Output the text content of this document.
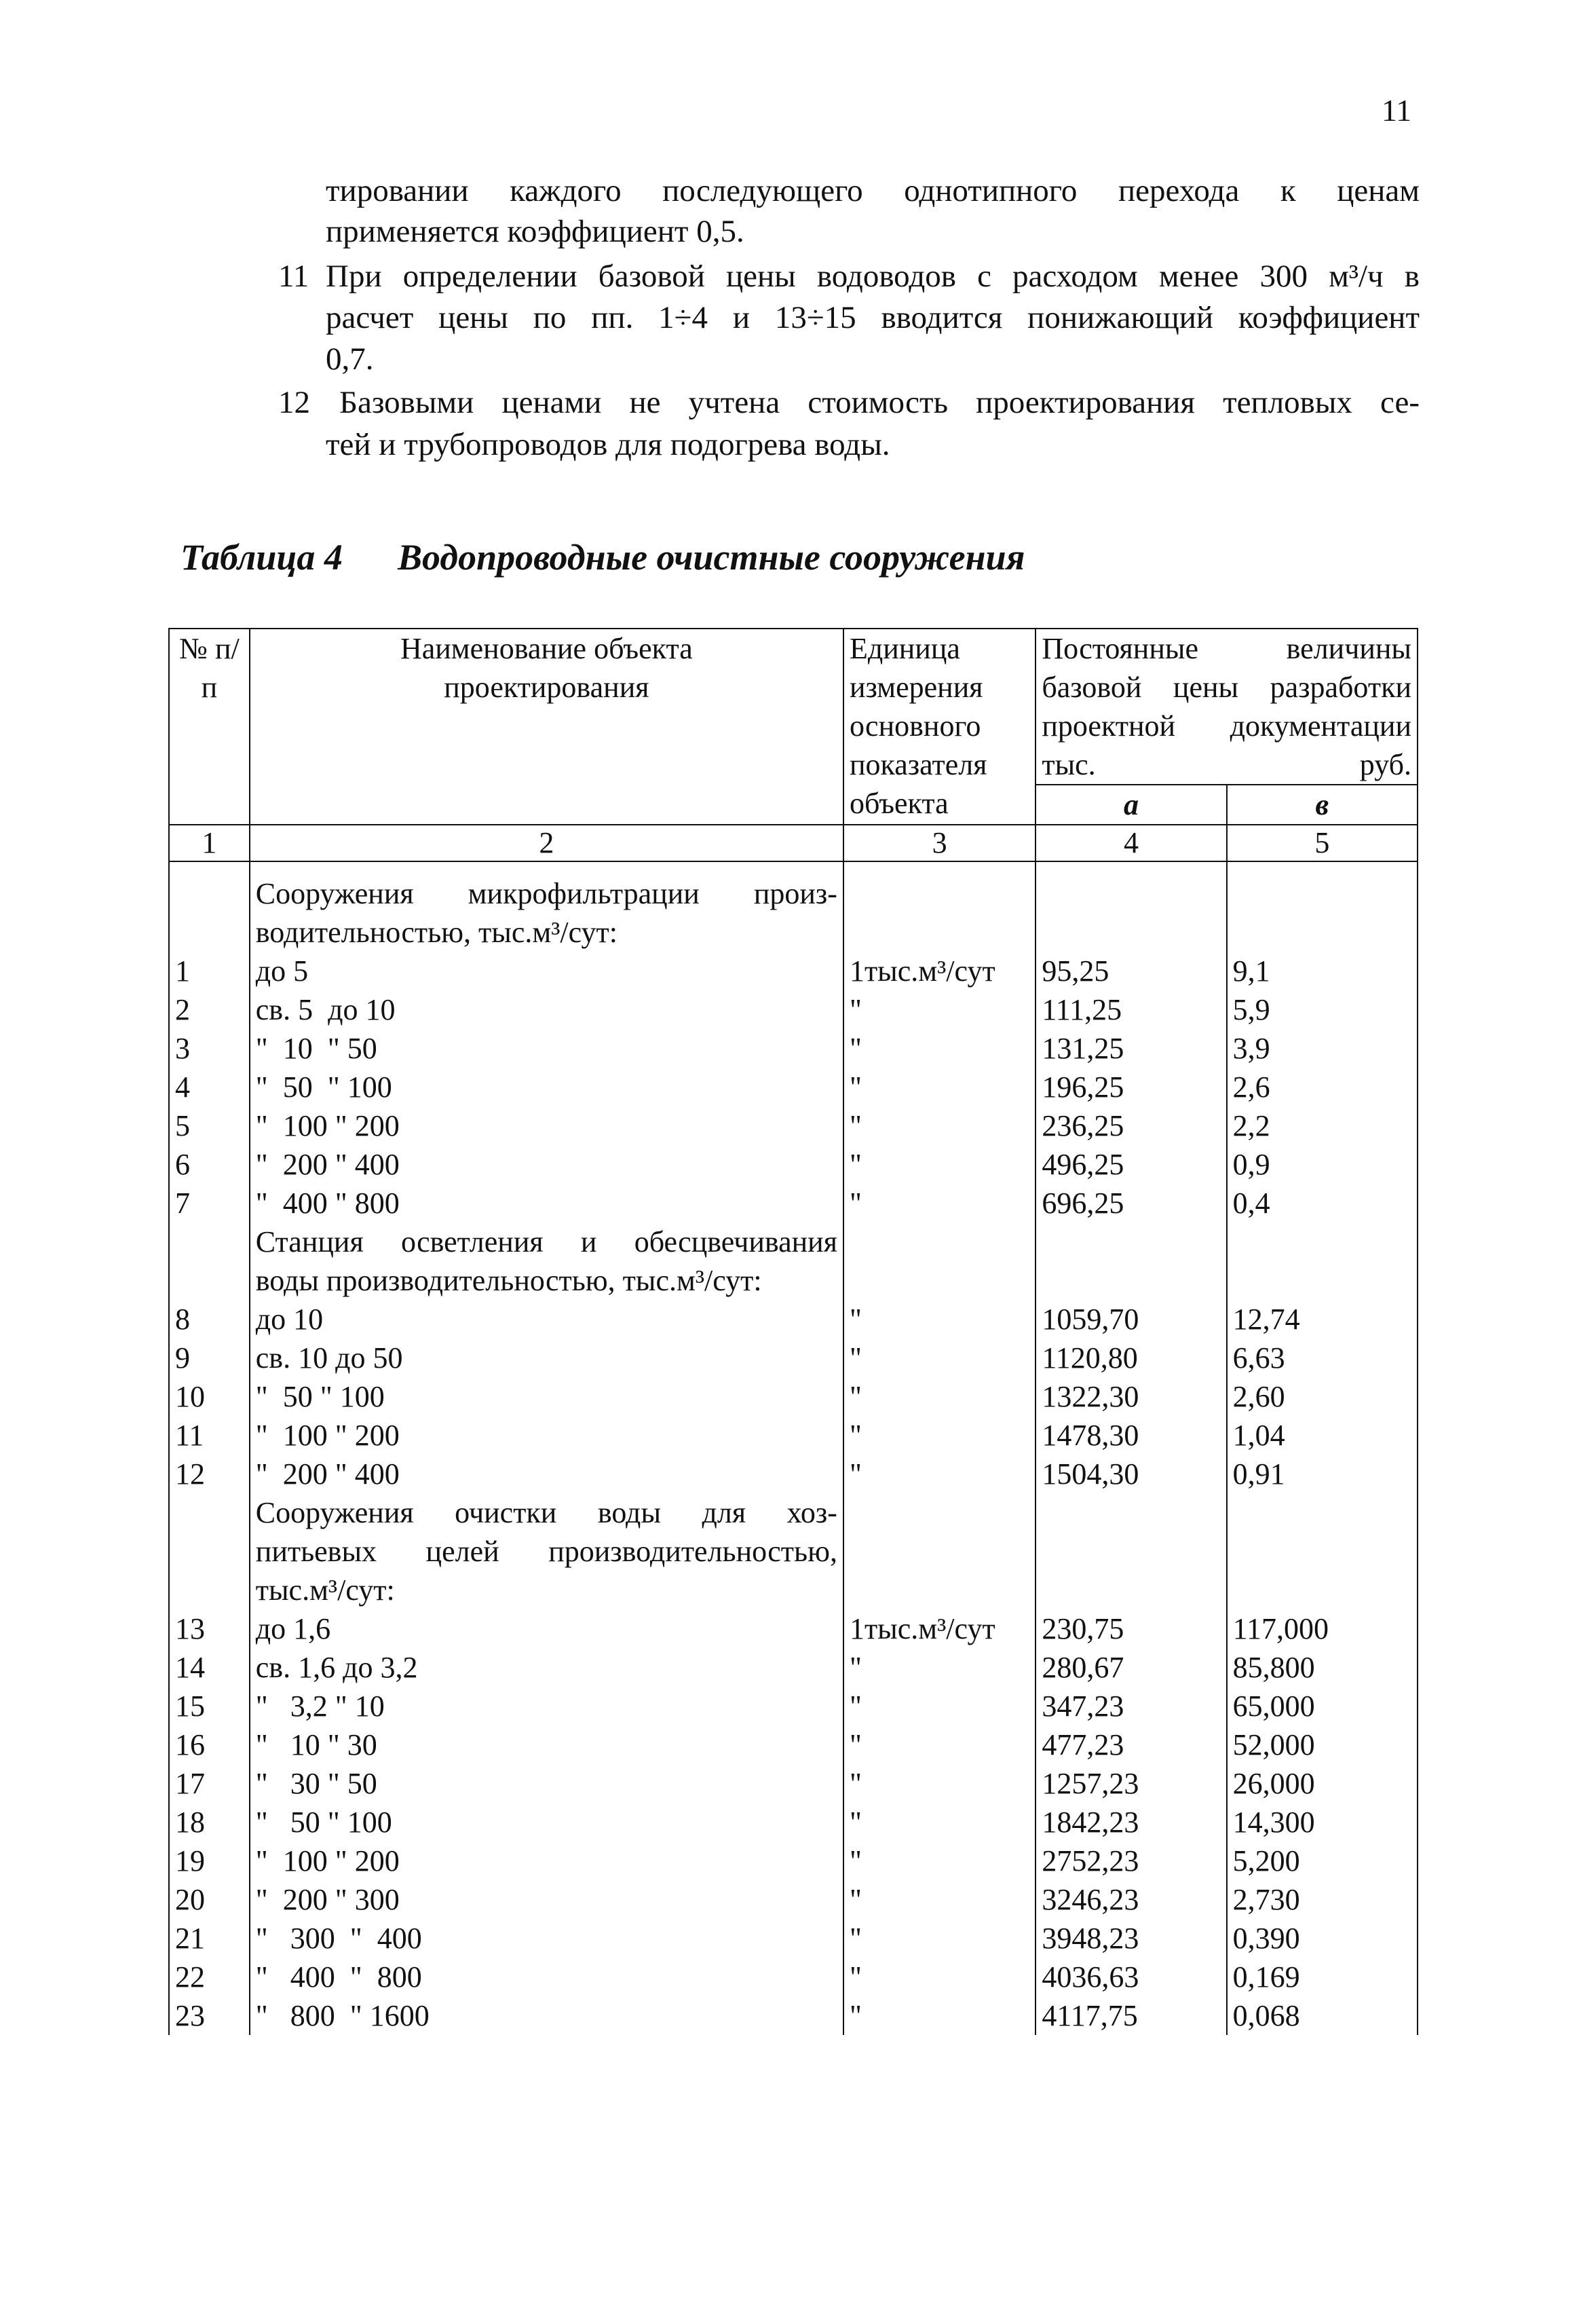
11
тировании каждого последующего однотипного перехода к ценам
применяется коэффициент 0,5.
11 При определении базовой цены водоводов с расходом менее 300 м³/ч в
расчет цены по пп. 1÷4 и 13÷15 вводится понижающий коэффициент
0,7.
12 Базовыми ценами не учтена стоимость проектирования тепловых се-
тей и трубопроводов для подогрева воды.
Таблица 4 Водопроводные очистные сооружения
№ п/п	Наименование объекта проектирования	Единица измерения основного показателя объекта	Постоянные величины базовой цены разработки проектной документации тыс. руб.	
			а	в
1	2	3	4	5

	Сооружения микрофильтрации произ-
водительностью, тыс.м³/сут:			

1	до 5	1тыс.м³/сут	95,25	9,1
2	св. 5  до 10	"	111,25	5,9
3	"  10  " 50	"	131,25	3,9
4	"  50  " 100	"	196,25	2,6
5	"  100 " 200	"	236,25	2,2
6	"  200 " 400	"	496,25	0,9
7	"  400 " 800	"	696,25	0,4

	Станция осветления и обесцвечивания
воды производительностью, тыс.м³/сут:			

8	до 10	"	1059,70	12,74
9	св. 10 до 50	"	1120,80	6,63
10	"  50 " 100	"	1322,30	2,60
11	"  100 " 200	"	1478,30	1,04
12	"  200 " 400	"	1504,30	0,91

	Сооружения очистки воды для хоз-
питьевых целей производительностью,
тыс.м³/сут:			

13	до 1,6	1тыс.м³/сут	230,75	117,000
14	св. 1,6 до 3,2	"	280,67	85,800
15	"   3,2 " 10	"	347,23	65,000
16	"   10 " 30	"	477,23	52,000
17	"   30 " 50	"	1257,23	26,000
18	"   50 " 100	"	1842,23	14,300
19	"  100 " 200	"	2752,23	5,200
20	"  200 " 300	"	3246,23	2,730
21	"   300  "  400	"	3948,23	0,390
22	"   400  "  800	"	4036,63	0,169
23	"   800  " 1600	"	4117,75	0,068
